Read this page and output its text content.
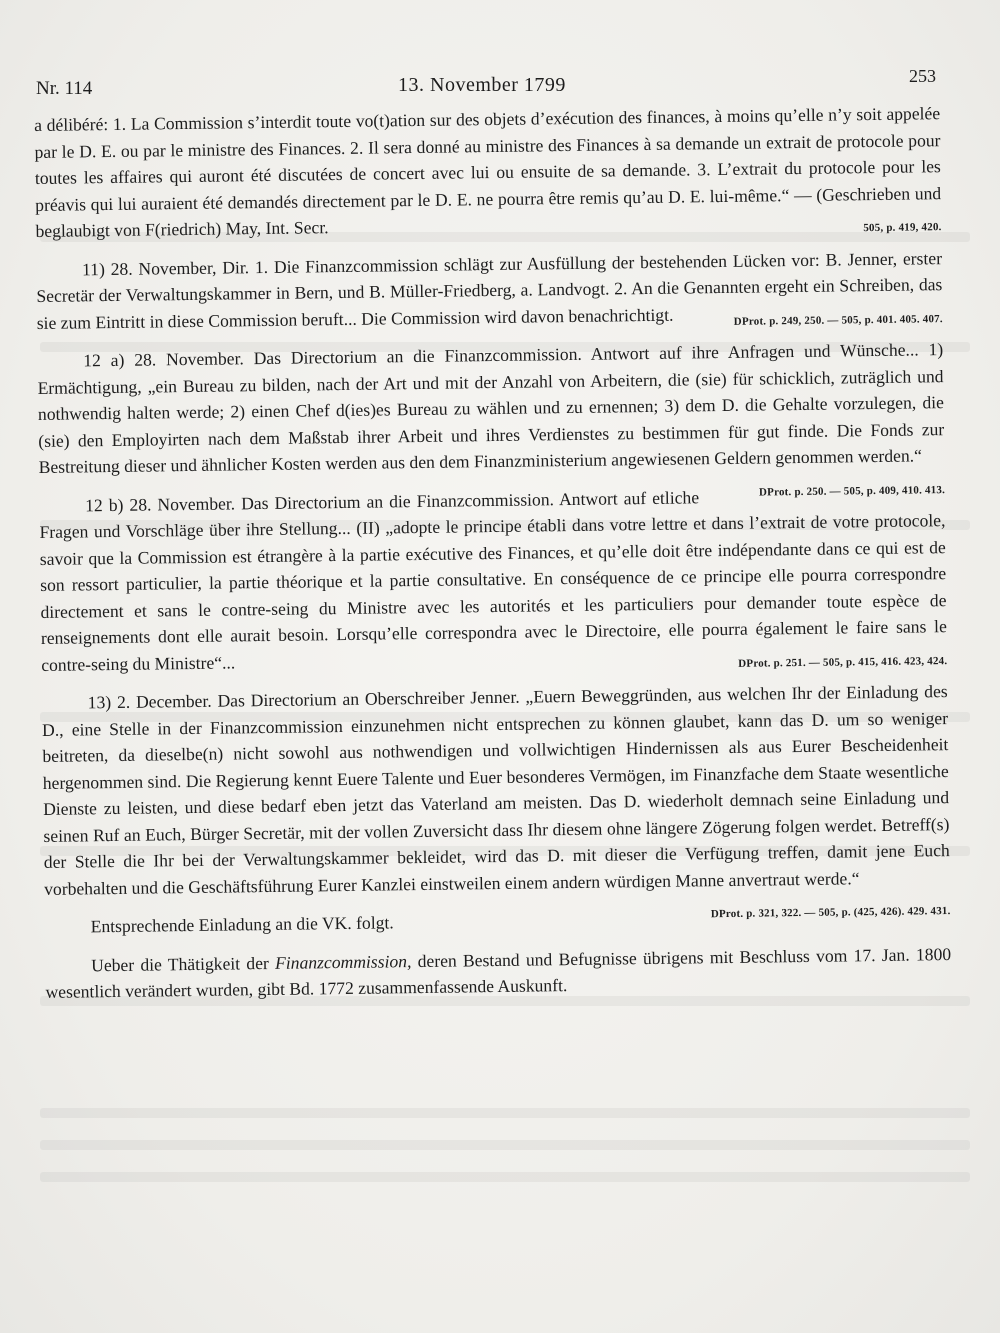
Nr. 114	13. November 1799	253

a délibéré: 1. La Commission s’interdit toute vo(t)ation sur des objets d’exécution des finances, à moins qu’elle n’y soit appelée par le D. E. ou par le ministre des Finances. 2. Il sera donné au ministre des Finances à sa demande un extrait de protocole pour toutes les affaires qui auront été discutées de concert avec lui ou ensuite de sa demande. 3. L’extrait du protocole pour les préavis qui lui auraient été demandés directement par le D. E. ne pourra être remis qu’au D. E. lui-même.“ — (Geschrieben und beglaubigt von F(riedrich) May, Int. Secr.	505, p. 419, 420.

11) 28. November, Dir. 1. Die Finanzcommission schlägt zur Ausfüllung der bestehenden Lücken vor: B. Jenner, erster Secretär der Verwaltungskammer in Bern, und B. Müller-Friedberg, a. Landvogt. 2. An die Genannten ergeht ein Schreiben, das sie zum Eintritt in diese Commission beruft... Die Commission wird davon benachrichtigt.	DProt. p. 249, 250. — 505, p. 401. 405. 407.

12 a) 28. November. Das Directorium an die Finanzcommission. Antwort auf ihre Anfragen und Wünsche... 1) Ermächtigung, „ein Bureau zu bilden, nach der Art und mit der Anzahl von Arbeitern, die (sie) für schicklich, zuträglich und nothwendig halten werde; 2) einen Chef d(ies)es Bureau zu wählen und zu ernennen; 3) dem D. die Gehalte vorzulegen, die (sie) den Employirten nach dem Maßstab ihrer Arbeit und ihres Verdienstes zu bestimmen für gut finde. Die Fonds zur Bestreitung dieser und ähnlicher Kosten werden aus den dem Finanzministerium angewiesenen Geldern genommen werden.“
DProt. p. 250. — 505, p. 409, 410. 413.

12 b) 28. November. Das Directorium an die Finanzcommission. Antwort auf etliche Fragen und Vorschläge über ihre Stellung... (II) „adopte le principe établi dans votre lettre et dans l’extrait de votre protocole, savoir que la Commission est étrangère à la partie exécutive des Finances, et qu’elle doit être indépendante dans ce qui est de son ressort particulier, la partie théorique et la partie consultative. En conséquence de ce principe elle pourra correspondre directement et sans le contre-seing du Ministre avec les autorités et les particuliers pour demander toute espèce de renseignements dont elle aurait besoin. Lorsqu’elle correspondra avec le Directoire, elle pourra également le faire sans le contre-seing du Ministre“...	DProt. p. 251. — 505, p. 415, 416. 423, 424.

13) 2. December. Das Directorium an Oberschreiber Jenner. „Euern Beweggründen, aus welchen Ihr der Einladung des D., eine Stelle in der Finanzcommission einzunehmen nicht entsprechen zu können glaubet, kann das D. um so weniger beitreten, da dieselbe(n) nicht sowohl aus nothwendigen und vollwichtigen Hindernissen als aus Eurer Bescheidenheit hergenommen sind. Die Regierung kennt Euere Talente und Euer besonderes Vermögen, im Finanzfache dem Staate wesentliche Dienste zu leisten, und diese bedarf eben jetzt das Vaterland am meisten. Das D. wiederholt demnach seine Einladung und seinen Ruf an Euch, Bürger Secretär, mit der vollen Zuversicht dass Ihr diesem ohne längere Zögerung folgen werdet. Betreff(s) der Stelle die Ihr bei der Verwaltungskammer bekleidet, wird das D. mit dieser die Verfügung treffen, damit jene Euch vorbehalten und die Geschäftsführung Eurer Kanzlei einstweilen einem andern würdigen Manne anvertraut werde.“
DProt. p. 321, 322. — 505, p. (425, 426). 429. 431.

Entsprechende Einladung an die VK. folgt.

Ueber die Thätigkeit der Finanzcommission, deren Bestand und Befugnisse übrigens mit Beschluss vom 17. Jan. 1800 wesentlich verändert wurden, gibt Bd. 1772 zusammenfassende Auskunft.
